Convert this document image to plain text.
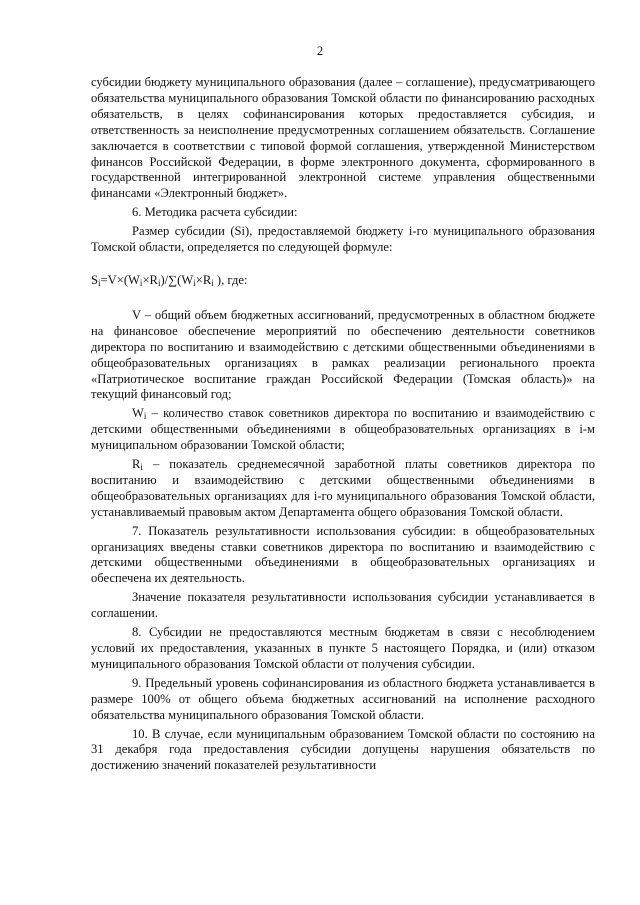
2

субсидии бюджету муниципального образования (далее – соглашение), предусматривающего обязательства муниципального образования Томской области по финансированию расходных обязательств, в целях софинансирования которых предоставляется субсидия, и ответственность за неисполнение предусмотренных соглашением обязательств. Соглашение заключается в соответствии с типовой формой соглашения, утвержденной Министерством финансов Российской Федерации, в форме электронного документа, сформированного в государственной интегрированной электронной системе управления общественными финансами «Электронный бюджет».

6. Методика расчета субсидии:

Размер субсидии (Si), предоставляемой бюджету i-го муниципального образования Томской области, определяется по следующей формуле:

$S_i=V\times(W_i\times R_i)/\sum(W_i\times R_i$ ), где:

V – общий объем бюджетных ассигнований, предусмотренных в областном бюджете на финансовое обеспечение мероприятий по обеспечению деятельности советников директора по воспитанию и взаимодействию с детскими общественными объединениями в общеобразовательных организациях в рамках реализации регионального проекта «Патриотическое воспитание граждан Российской Федерации (Томская область)» на текущий финансовый год;

$W_i$ – количество ставок советников директора по воспитанию и взаимодействию с детскими общественными объединениями в общеобразовательных организациях в i-м муниципальном образовании Томской области;

$R_i$ – показатель среднемесячной заработной платы советников директора по воспитанию и взаимодействию с детскими общественными объединениями в общеобразовательных организациях для i-го муниципального образования Томской области, устанавливаемый правовым актом Департамента общего образования Томской области.

7. Показатель результативности использования субсидии: в общеобразовательных организациях введены ставки советников директора по воспитанию и взаимодействию с детскими общественными объединениями в общеобразовательных организациях и обеспечена их деятельность.

Значение показателя результативности использования субсидии устанавливается в соглашении.

8. Субсидии не предоставляются местным бюджетам в связи с несоблюдением условий их предоставления, указанных в пункте 5 настоящего Порядка, и (или) отказом муниципального образования Томской области от получения субсидии.

9. Предельный уровень софинансирования из областного бюджета устанавливается в размере 100% от общего объема бюджетных ассигнований на исполнение расходного обязательства муниципального образования Томской области.

10. В случае, если муниципальным образованием Томской области по состоянию на 31 декабря года предоставления субсидии допущены нарушения обязательств по достижению значений показателей результативности
